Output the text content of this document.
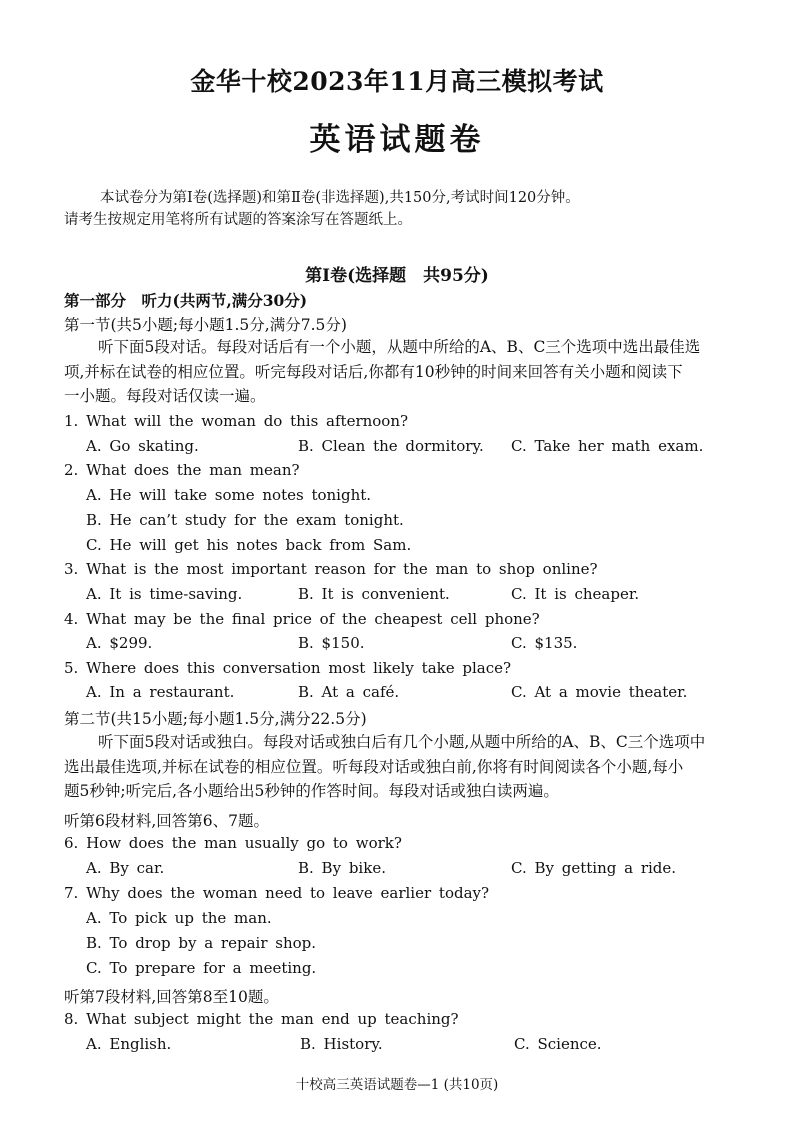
金华十校2023年11月高三模拟考试
英语试题卷
本试卷分为第Ⅰ卷(选择题)和第Ⅱ卷(非选择题),共150分,考试时间120分钟。
请考生按规定用笔将所有试题的答案涂写在答题纸上。
第Ⅰ卷(选择题　共95分)
第一部分　听力(共两节,满分30分)
第一节(共5小题;每小题1.5分,满分7.5分)

听下面5段对话。每段对话后有一个小题，从题中所给的A、B、C三个选项中选出最佳选

项,并标在试卷的相应位置。听完每段对话后,你都有10秒钟的时间来回答有关小题和阅读下

一小题。每段对话仅读一遍。

1. What will the woman do this afternoon?
A. Go skating.	B. Clean the dormitory. C. Take her math exam.
2. What does the man mean?
A. He will take some notes tonight.
B. He can’t study for the exam tonight.
C. He will get his notes back from Sam.
3. What is the most important reason for the man to shop online?
A. It is time-saving.	B. It is convenient.	C. It is cheaper.
4. What may be the final price of the cheapest cell phone?
A. $299.	B. $150.	C. $135.
5. Where does this conversation most likely take place?
A. In a restaurant.	B. At a café.	C. At a movie theater.
第二节(共15小题;每小题1.5分,满分22.5分)

听下面5段对话或独白。每段对话或独白后有几个小题,从题中所给的A、B、C三个选项中

选出最佳选项,并标在试卷的相应位置。听每段对话或独白前,你将有时间阅读各个小题,每小

题5秒钟;听完后,各小题给出5秒钟的作答时间。每段对话或独白读两遍。

听第6段材料,回答第6、7题。
6. How does the man usually go to work?
A. By car.	B. By bike.	C. By getting a ride.
7. Why does the woman need to leave earlier today?
A. To pick up the man.
B. To drop by a repair shop.
C. To prepare for a meeting.
听第7段材料,回答第8至10题。
8. What subject might the man end up teaching?
A. English.	B. History.	C. Science.
十校高三英语试题卷—1 (共10页)
